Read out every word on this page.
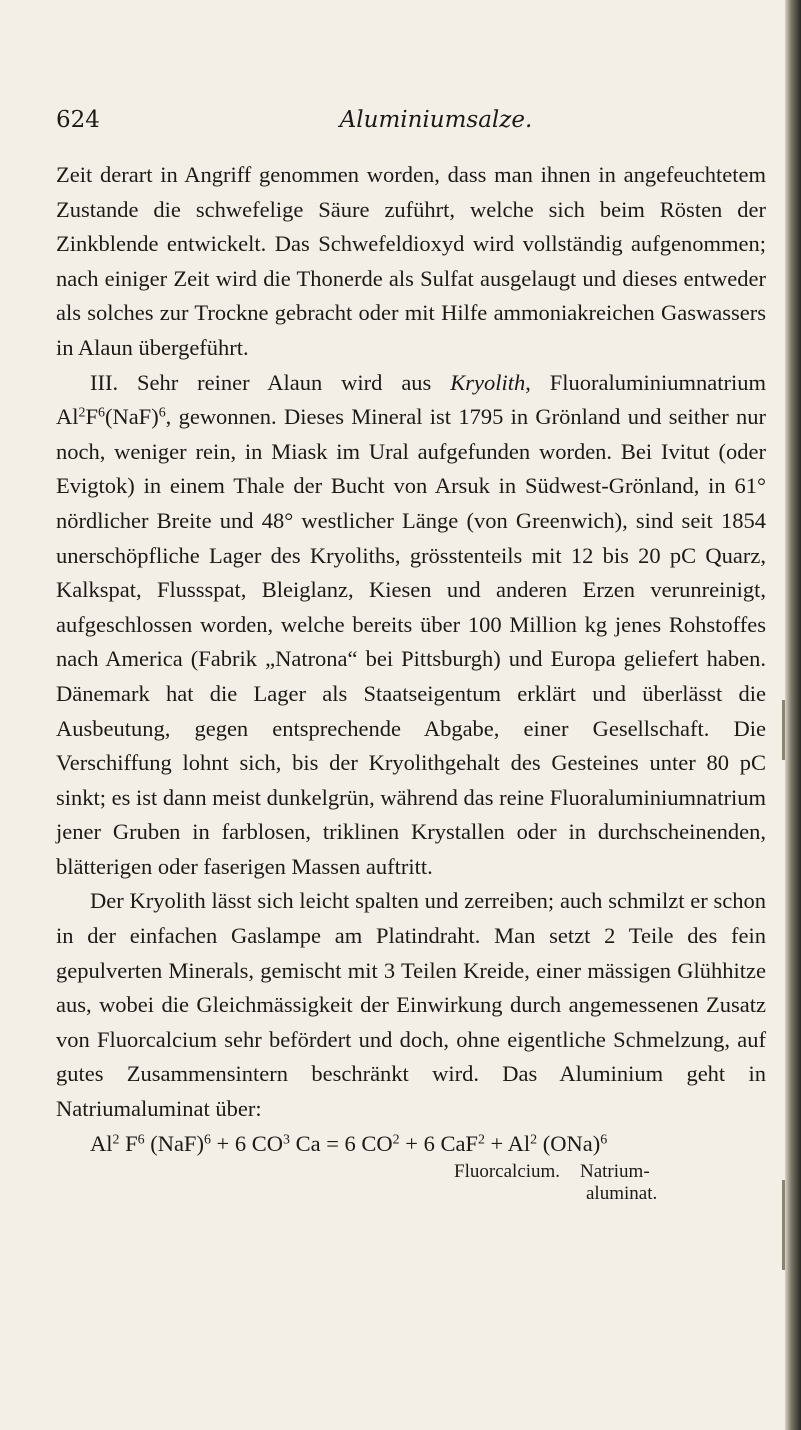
624	Aluminiumsalze.

Zeit derart in Angriff genommen worden, dass man ihnen in angefeuchtetem Zustande die schwefelige Säure zuführt, welche sich beim Rösten der Zinkblende entwickelt. Das Schwefeldioxyd wird vollständig aufgenommen; nach einiger Zeit wird die Thonerde als Sulfat ausgelaugt und dieses entweder als solches zur Trockne gebracht oder mit Hilfe ammoniakreichen Gaswassers in Alaun übergeführt.

III. Sehr reiner Alaun wird aus Kryolith, Fluoraluminiumnatrium $Al^2F^6(NaF)^6$, gewonnen. Dieses Mineral ist 1795 in Grönland und seither nur noch, weniger rein, in Miask im Ural aufgefunden worden. Bei Ivitut (oder Evigtok) in einem Thale der Bucht von Arsuk in Südwest-Grönland, in 61° nördlicher Breite und 48° westlicher Länge (von Greenwich), sind seit 1854 unerschöpfliche Lager des Kryoliths, grösstenteils mit 12 bis 20 pC Quarz, Kalkspat, Flussspat, Bleiglanz, Kiesen und anderen Erzen verunreinigt, aufgeschlossen worden, welche bereits über 100 Million kg jenes Rohstoffes nach America (Fabrik „Natrona“ bei Pittsburgh) und Europa geliefert haben. Dänemark hat die Lager als Staatseigentum erklärt und überlässt die Ausbeutung, gegen entsprechende Abgabe, einer Gesellschaft. Die Verschiffung lohnt sich, bis der Kryolithgehalt des Gesteines unter 80 pC sinkt; es ist dann meist dunkelgrün, während das reine Fluoraluminiumnatrium jener Gruben in farblosen, triklinen Krystallen oder in durchscheinenden, blätterigen oder faserigen Massen auftritt.

Der Kryolith lässt sich leicht spalten und zerreiben; auch schmilzt er schon in der einfachen Gaslampe am Platindraht. Man setzt 2 Teile des fein gepulverten Minerals, gemischt mit 3 Teilen Kreide, einer mässigen Glühhitze aus, wobei die Gleichmässigkeit der Einwirkung durch angemessenen Zusatz von Fluorcalcium sehr befördert und doch, ohne eigentliche Schmelzung, auf gutes Zusammensintern beschränkt wird. Das Aluminium geht in Natriumaluminat über:

Al$^2$ $F^6$ (NaF)$^6$ + 6 $CO^3$ Ca = 6 $CO^2 + 6$ $CaF^2 + Al^2$ (ONa)$^6$

Fluorcalcium. Natrium-
aluminat.
